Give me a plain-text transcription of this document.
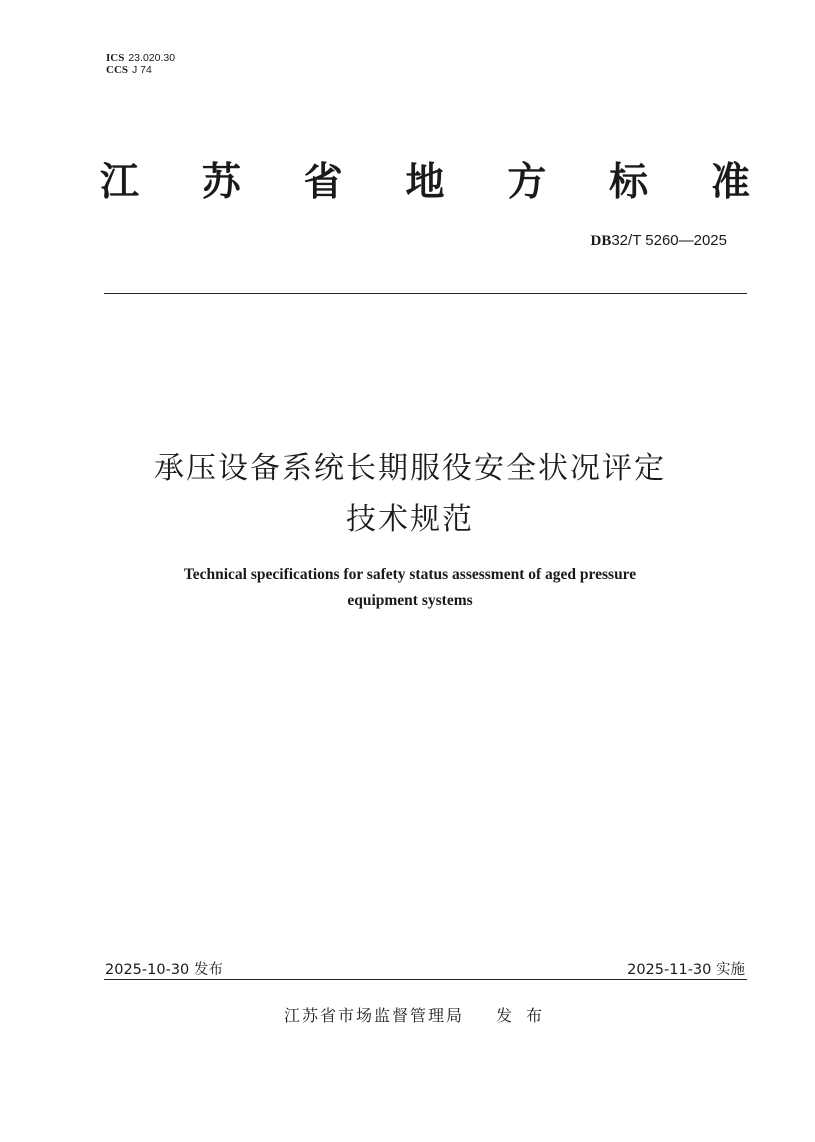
ICS 23.020.30
CCS J 74
江 苏 省 地 方 标 准
DB32/T 5260—2025
承压设备系统长期服役安全状况评定
技术规范
Technical specifications for safety status assessment of aged pressure
equipment systems
2025-10-30 发布	2025-11-30 实施
江苏省市场监督管理局 发布
